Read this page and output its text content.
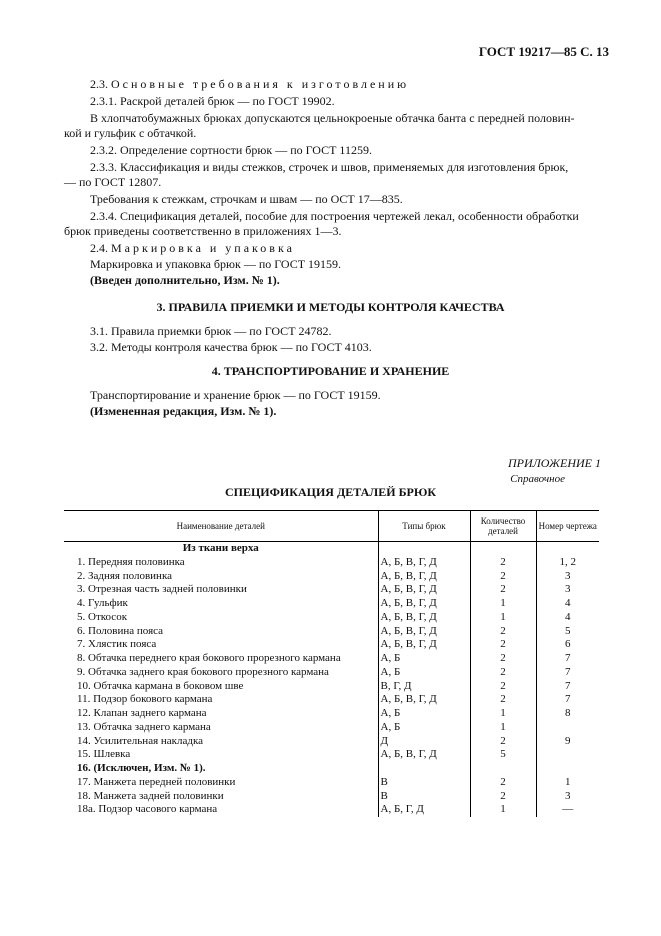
ГОСТ 19217—85 С. 13
2.3. Основные требования к изготовлению
2.3.1. Раскрой деталей брюк — по ГОСТ 19902.
В хлопчатобумажных брюках допускаются цельнокроеные обтачка банта с передней половин-
кой и гульфик с обтачкой.
2.3.2. Определение сортности брюк — по ГОСТ 11259.
2.3.3. Классификация и виды стежков, строчек и швов, применяемых для изготовления брюк,
— по ГОСТ 12807.
Требования к стежкам, строчкам и швам — по ОСТ 17—835.
2.3.4. Спецификация деталей, пособие для построения чертежей лекал, особенности обработки
брюк приведены соответственно в приложениях 1—3.
2.4. Маркировка и упаковка
Маркировка и упаковка брюк — по ГОСТ 19159.
(Введен дополнительно, Изм. № 1).
3. ПРАВИЛА ПРИЕМКИ И МЕТОДЫ КОНТРОЛЯ КАЧЕСТВА
3.1. Правила приемки брюк — по ГОСТ 24782.
3.2. Методы контроля качества брюк — по ГОСТ 4103.
4. ТРАНСПОРТИРОВАНИЕ И ХРАНЕНИЕ
Транспортирование и хранение брюк — по ГОСТ 19159.
(Измененная редакция, Изм. № 1).
ПРИЛОЖЕНИЕ 1
Справочное
СПЕЦИФИКАЦИЯ ДЕТАЛЕЙ БРЮК
Наименование деталей	Типы брюк	Количество деталей	Номер чертежа
Из ткани верха			
1. Передняя половинка	А, Б, В, Г, Д	2	1, 2
2. Задняя половинка	А, Б, В, Г, Д	2	3
3. Отрезная часть задней половинки	А, Б, В, Г, Д	2	3
4. Гульфик	А, Б, В, Г, Д	1	4
5. Откосок	А, Б, В, Г, Д	1	4
6. Половина пояса	А, Б, В, Г, Д	2	5
7. Хлястик пояса	А, Б, В, Г, Д	2	6
8. Обтачка переднего края бокового прорезного кармана	А, Б	2	7
9. Обтачка заднего края бокового прорезного кармана	А, Б	2	7
10. Обтачка кармана в боковом шве	В, Г, Д	2	7
11. Подзор бокового кармана	А, Б, В, Г, Д	2	7
12. Клапан заднего кармана	А, Б	1	8
13. Обтачка заднего кармана	А, Б	1	
14. Усилительная накладка	Д	2	9
15. Шлевка	А, Б, В, Г, Д	5	
16. (Исключен, Изм. № 1).			
17. Манжета передней половинки	В	2	1
18. Манжета задней половинки	В	2	3
18а. Подзор часового кармана	А, Б, Г, Д	1	—
